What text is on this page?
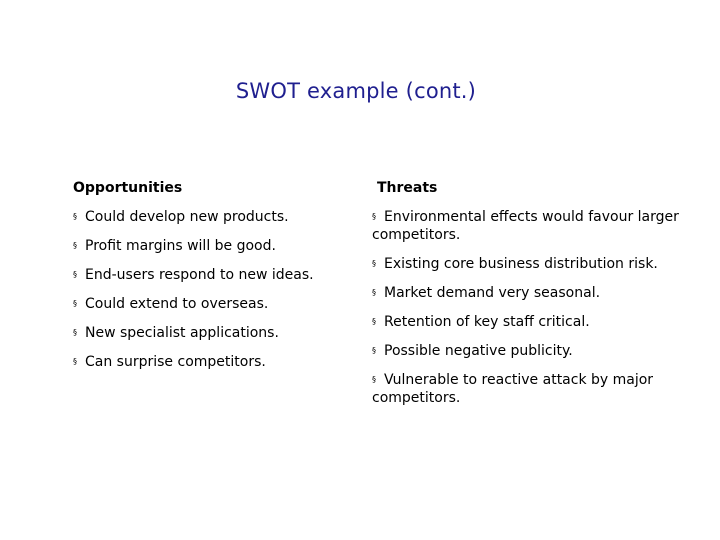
SWOT example (cont.)
Opportunities
§ Could develop new products.
§ Profit margins will be good.
§ End-users respond to new ideas.
§ Could extend to overseas.
§ New specialist applications.
§ Can surprise competitors.
Threats
§ Environmental effects would favour larger competitors.
§ Existing core business distribution risk.
§ Market demand very seasonal.
§ Retention of key staff critical.
§ Possible negative publicity.
§ Vulnerable to reactive attack by major competitors.
